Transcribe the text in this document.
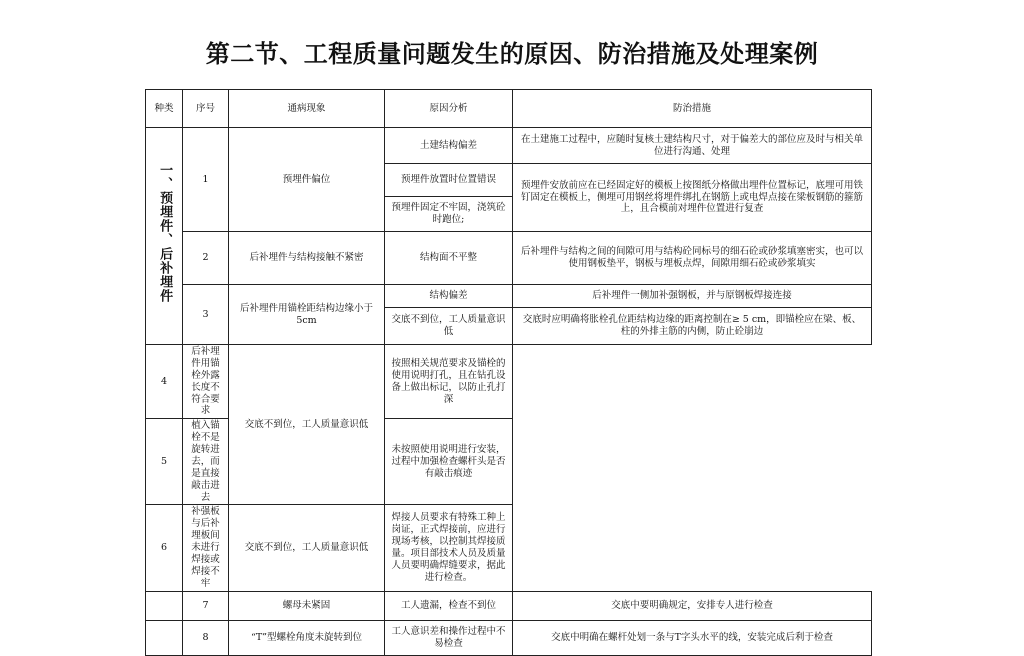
第二节、工程质量问题发生的原因、防治措施及处理案例
种类	序号	通病现象	原因分析	防治措施
一、预埋件、后补埋件	1	预埋件偏位	土建结构偏差	在土建施工过程中，应随时复核土建结构尺寸，对于偏差大的部位应及时与相关单位进行沟通、处理
			预埋件放置时位置错误	预埋件安放前应在已经固定好的模板上按图纸分格做出埋件位置标记，底埋可用铁钉固定在模板上，侧埋可用钢丝将埋件绑扎在钢筋上或电焊点接在梁板钢筋的箍筋上，且合模前对埋件位置进行复查
			预埋件固定不牢固，浇筑砼时跑位;	
	2	后补埋件与结构接触不紧密	结构面不平整	后补埋件与结构之间的间隙可用与结构砼同标号的细石砼或砂浆填塞密实，也可以使用钢板垫平，钢板与埋板点焊，间隙用细石砼或砂浆填实
	3	后补埋件用锚栓距结构边缘小于5cm	结构偏差	后补埋件一侧加补强钢板，并与原钢板焊接连接
			交底不到位，工人质量意识低	交底时应明确将胀栓孔位距结构边缘的距离控制在≥ 5 cm，即锚栓应在梁、板、柱的外排主筋的内侧，防止砼崩边
4	后补埋件用锚栓外露长度不符合要求	交底不到位，工人质量意识低	按照相关规范要求及锚栓的使用说明打孔，且在钻孔设备上做出标记，以防止孔打深	
5	植入锚栓不是旋转进去，而是直接敲击进去		未按照使用说明进行安装，过程中加强检查螺杆头是否有敲击痕迹	
6	补强板与后补埋板间未进行焊接或焊接不牢	交底不到位，工人质量意识低	焊接人员要求有特殊工种上岗证，正式焊接前，应进行现场考核，以控制其焊接质量。项目部技术人员及质量人员要明确焊缝要求，据此进行检查。	
	7	螺母未紧固	工人遗漏，检查不到位	交底中要明确规定，安排专人进行检查
	8	“T”型螺栓角度未旋转到位	工人意识差和操作过程中不易检查	交底中明确在螺杆处划一条与T字头水平的线，安装完成后利于检查
